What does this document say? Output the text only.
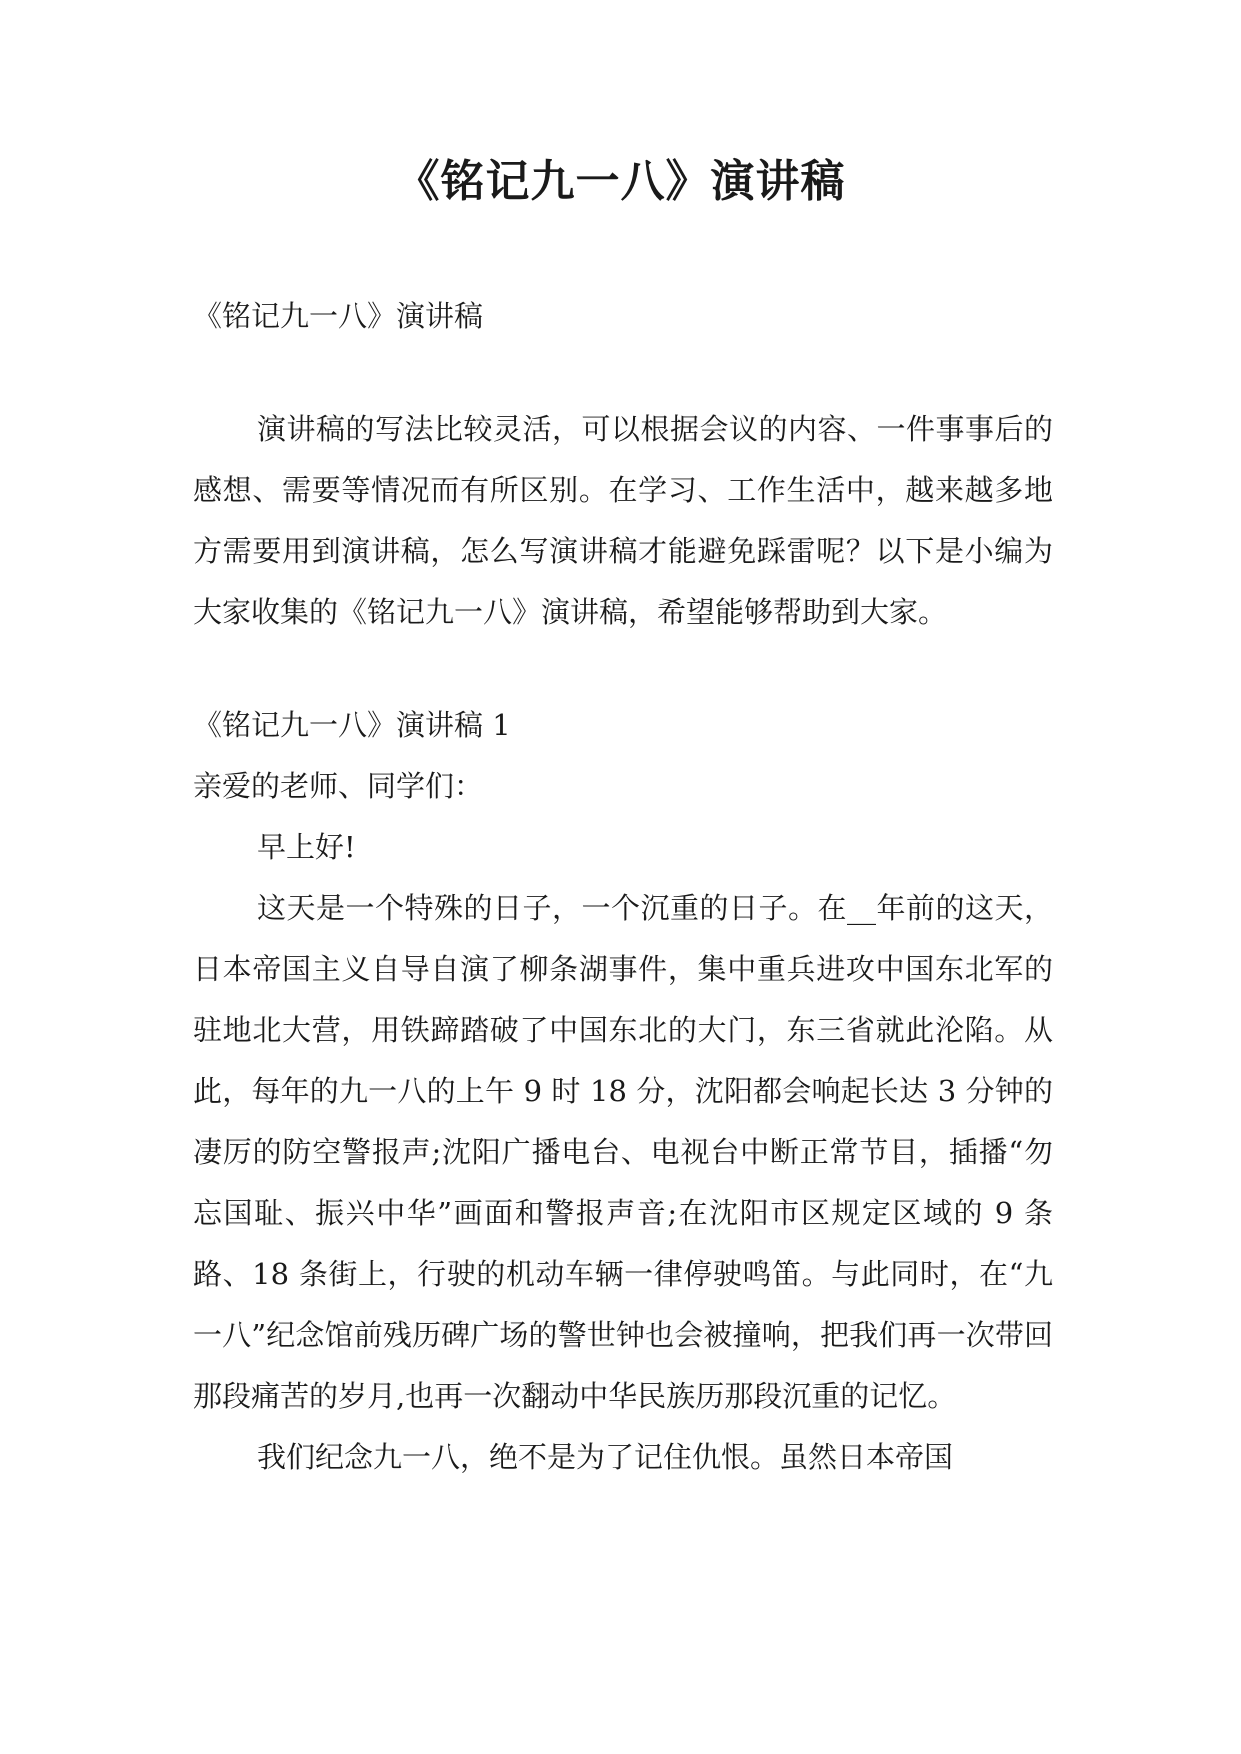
《铭记九一八》演讲稿

《铭记九一八》演讲稿

演讲稿的写法比较灵活，可以根据会议的内容、一件事事后的感想、需要等情况而有所区别。在学习、工作生活中，越来越多地方需要用到演讲稿，怎么写演讲稿才能避免踩雷呢？以下是小编为大家收集的《铭记九一八》演讲稿，希望能够帮助到大家。

《铭记九一八》演讲稿 1

亲爱的老师、同学们：

早上好!

这天是一个特殊的日子，一个沉重的日子。在__年前的这天，日本帝国主义自导自演了柳条湖事件，集中重兵进攻中国东北军的驻地北大营，用铁蹄踏破了中国东北的大门，东三省就此沦陷。从此，每年的九一八的上午 9 时 18 分，沈阳都会响起长达 3 分钟的凄厉的防空警报声;沈阳广播电台、电视台中断正常节目，插播“勿忘国耻、振兴中华”画面和警报声音;在沈阳市区规定区域的 9 条路、18 条街上，行驶的机动车辆一律停驶鸣笛。与此同时，在“九一八”纪念馆前残历碑广场的警世钟也会被撞响，把我们再一次带回那段痛苦的岁月,也再一次翻动中华民族历那段沉重的记忆。

我们纪念九一八，绝不是为了记住仇恨。虽然日本帝国
